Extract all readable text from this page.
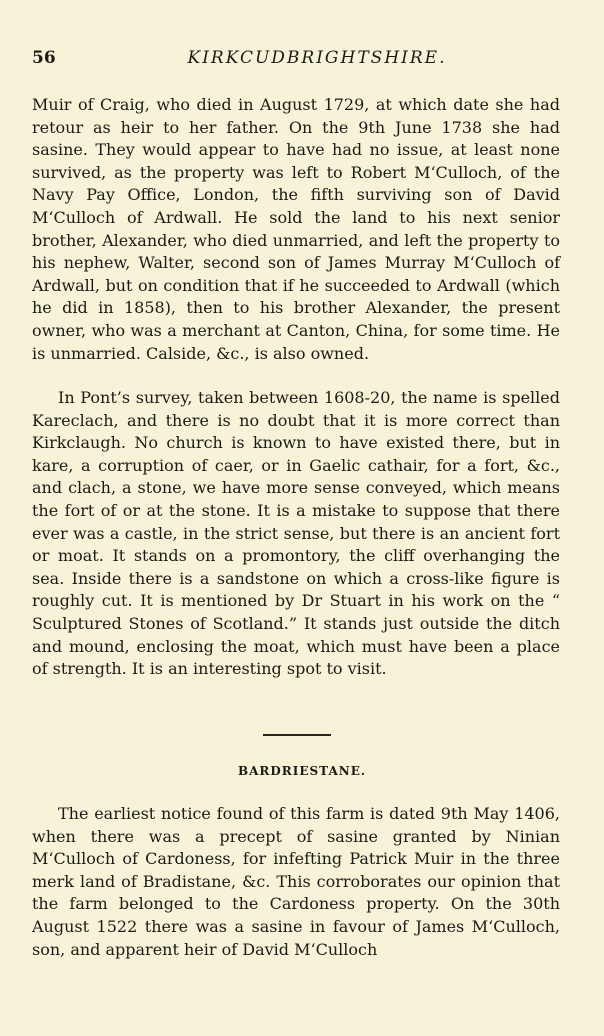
56	KIRKCUDBRIGHTSHIRE.

Muir of Craig, who died in August 1729, at which date she had retour as heir to her father. On the 9th June 1738 she had sasine. They would appear to have had no issue, at least none survived, as the property was left to Robert M‘Culloch, of the Navy Pay Office, London, the fifth surviving son of David M‘Culloch of Ardwall. He sold the land to his next senior brother, Alexander, who died unmarried, and left the property to his nephew, Walter, second son of James Murray M‘Culloch of Ardwall, but on condition that if he succeeded to Ardwall (which he did in 1858), then to his brother Alexander, the present owner, who was a merchant at Canton, China, for some time. He is unmarried. Calside, &c., is also owned.

In Pont’s survey, taken between 1608-20, the name is spelled Kareclach, and there is no doubt that it is more correct than Kirkclaugh. No church is known to have existed there, but in kare, a corruption of caer, or in Gaelic cathair, for a fort, &c., and clach, a stone, we have more sense conveyed, which means the fort of or at the stone. It is a mistake to suppose that there ever was a castle, in the strict sense, but there is an ancient fort or moat. It stands on a promontory, the cliff overhanging the sea. Inside there is a sandstone on which a cross-like figure is roughly cut. It is mentioned by Dr Stuart in his work on the “ Sculptured Stones of Scotland.” It stands just outside the ditch and mound, enclosing the moat, which must have been a place of strength. It is an interesting spot to visit.

BARDRIESTANE.

The earliest notice found of this farm is dated 9th May 1406, when there was a precept of sasine granted by Ninian M‘Culloch of Cardoness, for infefting Patrick Muir in the three merk land of Bradistane, &c. This corroborates our opinion that the farm belonged to the Cardoness property. On the 30th August 1522 there was a sasine in favour of James M‘Culloch, son, and apparent heir of David M‘Culloch
